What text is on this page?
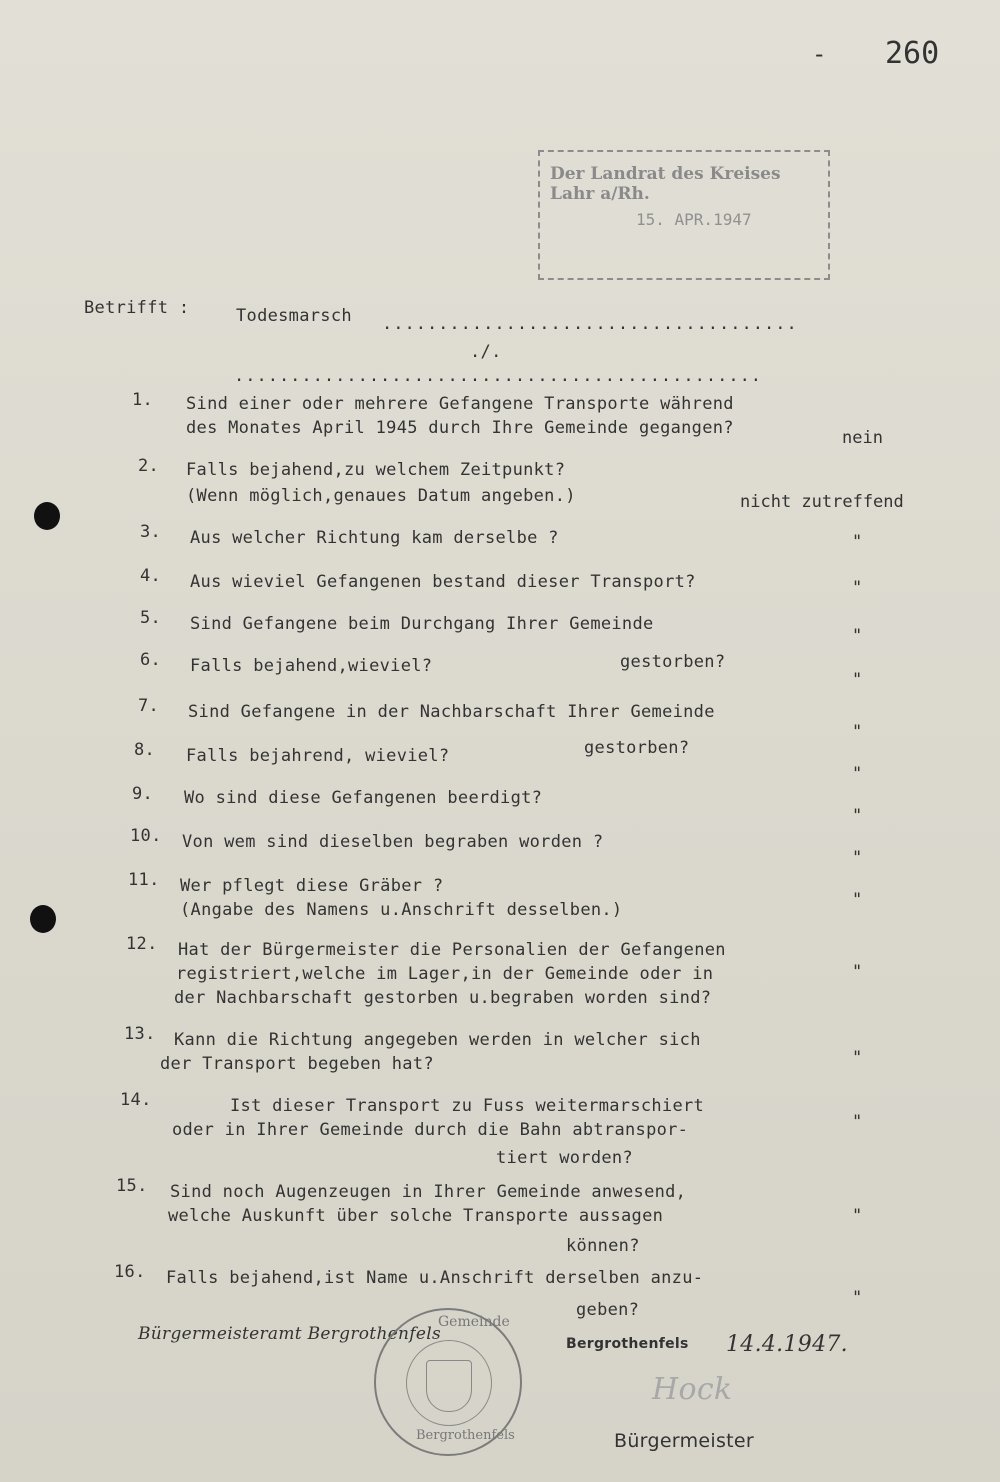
- 260
Der Landrat des Kreises Lahr a/Rh.
15. APR.1947
Betrifft :	Todesmarsch .....................................
./.
...............................................
1. Sind einer oder mehrere Gefangene Transporte während
des Monates April 1945 durch Ihre Gemeinde gegangen?	nein
2. Falls bejahend,zu welchem Zeitpunkt?
(Wenn möglich,genaues Datum angeben.)	nicht zutreffend
3. Aus welcher Richtung kam derselbe ?	"
4. Aus wieviel Gefangenen bestand dieser Transport?	"
5. Sind Gefangene beim Durchgang Ihrer Gemeinde
gestorben?
"
6. Falls bejahend,wieviel?
"
7. Sind Gefangene in der Nachbarschaft Ihrer Gemeinde
gestorben?
"
8. Falls bejahrend, wieviel?
"
9. Wo sind diese Gefangenen beerdigt?
"
10. Von wem sind dieselben begraben worden ?
"
11. Wer pflegt diese Gräber ?
(Angabe des Namens u.Anschrift desselben.)	"
12. Hat der Bürgermeister die Personalien der Gefangenen
registriert,welche im Lager,in der Gemeinde oder in
der Nachbarschaft gestorben u.begraben worden sind?
"
13. Kann die Richtung angegeben werden in welcher sich
der Transport begeben hat?	"
14.	Ist dieser Transport zu Fuss weitermarschiert
oder in Ihrer Gemeinde durch die Bahn abtranspor-
tiert worden?
"
15. Sind noch Augenzeugen in Ihrer Gemeinde anwesend,
welche Auskunft über solche Transporte aussagen
können?
"
16. Falls bejahend,ist Name u.Anschrift derselben anzu-
geben?
"
Bürgermeisteramt Bergrothenfels	Bergrothenfels 14.4.1947.
Hock
Bürgermeister
Gemeinde
Bergrothenfels
